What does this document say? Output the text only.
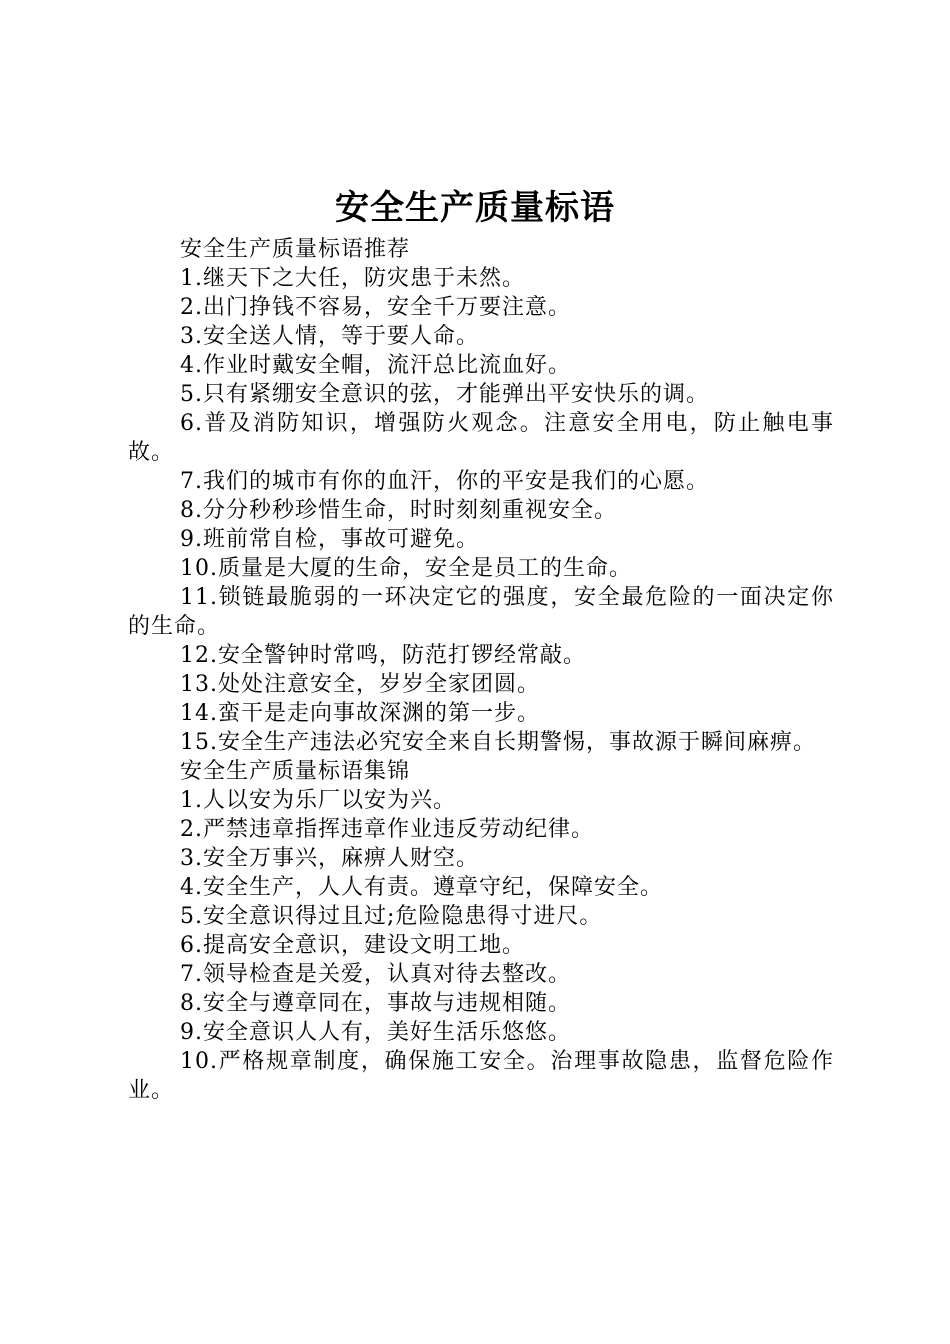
安全生产质量标语

安全生产质量标语推荐

1.继天下之大任，防灾患于未然。

2.出门挣钱不容易，安全千万要注意。

3.安全送人情，等于要人命。

4.作业时戴安全帽，流汗总比流血好。

5.只有紧绷安全意识的弦，才能弹出平安快乐的调。

6.普及消防知识，增强防火观念。注意安全用电，防止触电事故。

7.我们的城市有你的血汗，你的平安是我们的心愿。

8.分分秒秒珍惜生命，时时刻刻重视安全。

9.班前常自检，事故可避免。

10.质量是大厦的生命，安全是员工的生命。

11.锁链最脆弱的一环决定它的强度，安全最危险的一面决定你的生命。

12.安全警钟时常鸣，防范打锣经常敲。

13.处处注意安全，岁岁全家团圆。

14.蛮干是走向事故深渊的第一步。

15.安全生产违法必究安全来自长期警惕，事故源于瞬间麻痹。

安全生产质量标语集锦

1.人以安为乐厂以安为兴。

2.严禁违章指挥违章作业违反劳动纪律。

3.安全万事兴，麻痹人财空。

4.安全生产，人人有责。遵章守纪，保障安全。

5.安全意识得过且过;危险隐患得寸进尺。

6.提高安全意识，建设文明工地。

7.领导检查是关爱，认真对待去整改。

8.安全与遵章同在，事故与违规相随。

9.安全意识人人有，美好生活乐悠悠。

10.严格规章制度，确保施工安全。治理事故隐患，监督危险作业。
